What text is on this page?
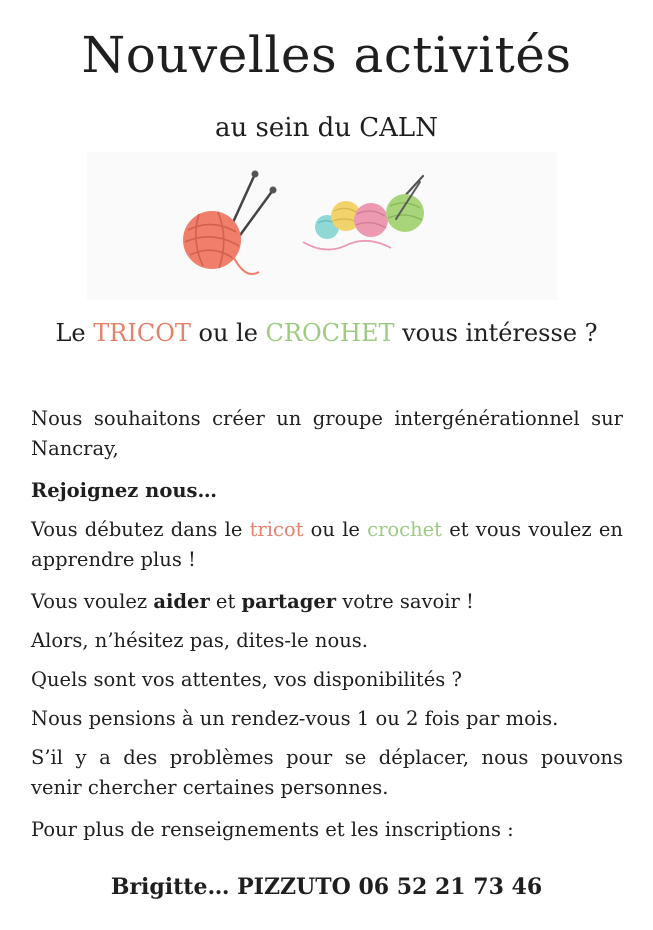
Nouvelles activités
au sein du CALN
Le TRICOT ou le CROCHET vous intéresse ?

Nous souhaitons créer un groupe intergénérationnel sur Nancray,

Rejoignez nous…

Vous débutez dans le tricot ou le crochet et vous voulez en apprendre plus !

Vous voulez aider et partager votre savoir !

Alors, n’hésitez pas, dites-le nous.

Quels sont vos attentes, vos disponibilités ?

Nous pensions à un rendez-vous 1 ou 2 fois par mois.

S’il y a des problèmes pour se déplacer, nous pouvons venir chercher certaines personnes.

Pour plus de renseignements et les inscriptions :

Brigitte… PIZZUTO 06 52 21 73 46
